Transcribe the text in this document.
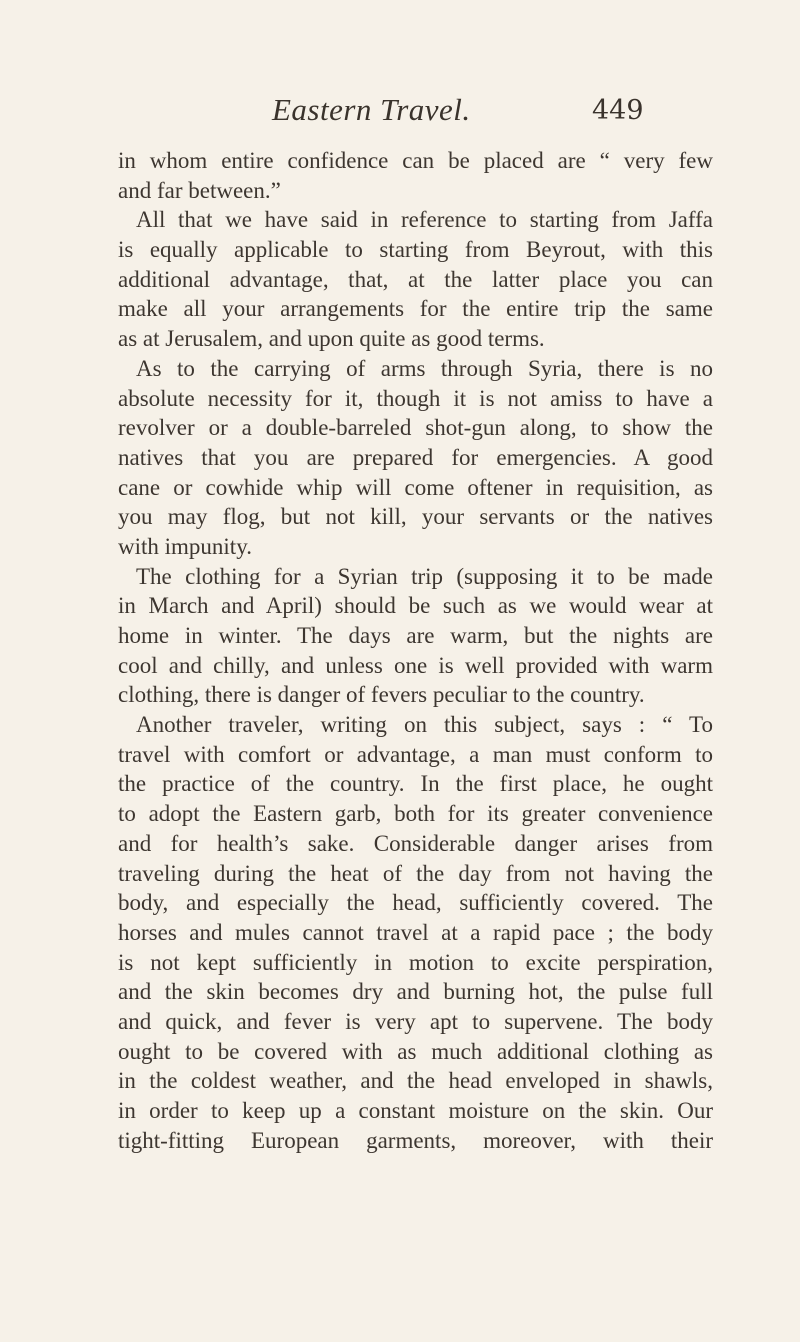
Eastern Travel.	449
in whom entire confidence can be placed are “ very few
and far between.”
All that we have said in reference to starting from Jaffa
is equally applicable to starting from Beyrout, with this
additional advantage, that, at the latter place you can
make all your arrangements for the entire trip the same
as at Jerusalem, and upon quite as good terms.
As to the carrying of arms through Syria, there is no
absolute necessity for it, though it is not amiss to have a
revolver or a double-barreled shot-gun along, to show the
natives that you are prepared for emergencies. A good
cane or cowhide whip will come oftener in requisition, as
you may flog, but not kill, your servants or the natives
with impunity.
The clothing for a Syrian trip (supposing it to be made
in March and April) should be such as we would wear at
home in winter. The days are warm, but the nights are
cool and chilly, and unless one is well provided with warm
clothing, there is danger of fevers peculiar to the country.
Another traveler, writing on this subject, says : “ To
travel with comfort or advantage, a man must conform to
the practice of the country. In the first place, he ought
to adopt the Eastern garb, both for its greater convenience
and for health’s sake. Considerable danger arises from
traveling during the heat of the day from not having the
body, and especially the head, sufficiently covered. The
horses and mules cannot travel at a rapid pace ; the body
is not kept sufficiently in motion to excite perspiration,
and the skin becomes dry and burning hot, the pulse full
and quick, and fever is very apt to supervene. The body
ought to be covered with as much additional clothing as
in the coldest weather, and the head enveloped in shawls,
in order to keep up a constant moisture on the skin. Our
tight-fitting European garments, moreover, with their
